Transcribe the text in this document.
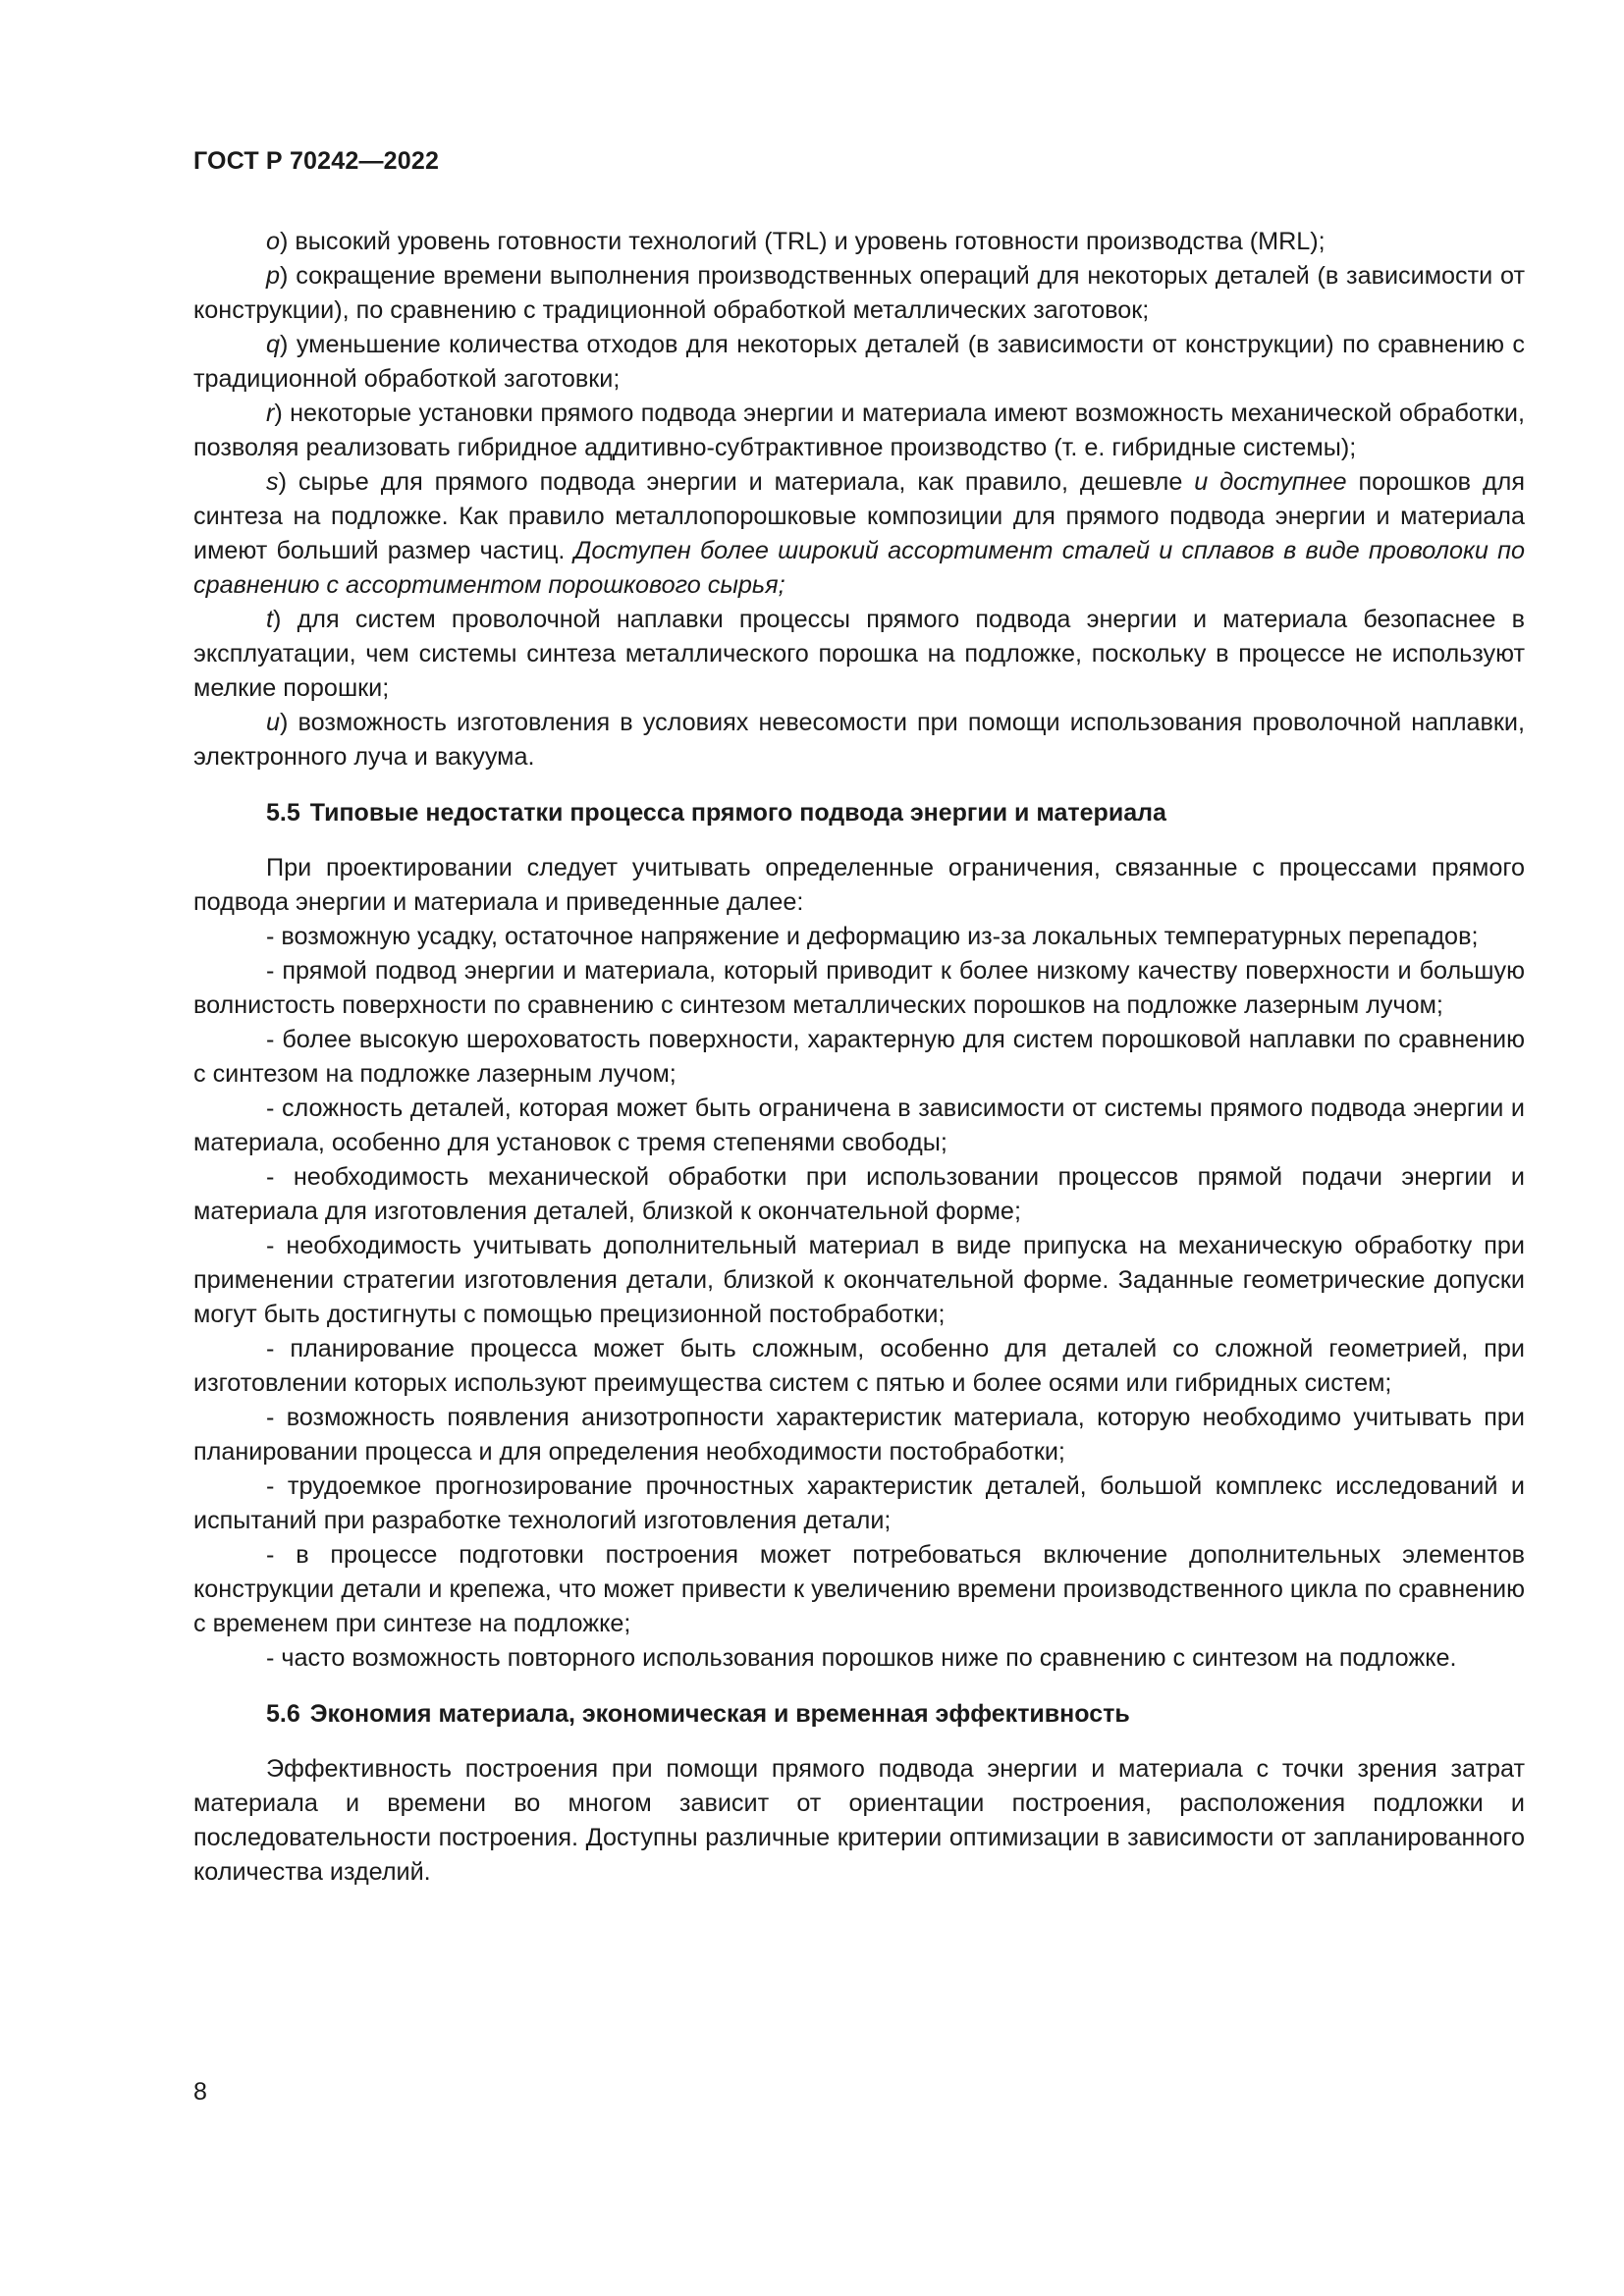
ГОСТ Р 70242—2022

o) высокий уровень готовности технологий (TRL) и уровень готовности производства (MRL);

p) сокращение времени выполнения производственных операций для некоторых деталей (в зависимости от конструкции), по сравнению с традиционной обработкой металлических заготовок;

q) уменьшение количества отходов для некоторых деталей (в зависимости от конструкции) по сравнению с традиционной обработкой заготовки;

r) некоторые установки прямого подвода энергии и материала имеют возможность механической обработки, позволяя реализовать гибридное аддитивно-субтрактивное производство (т. е. гибридные системы);

s) сырье для прямого подвода энергии и материала, как правило, дешевле и доступнее порошков для синтеза на подложке. Как правило металлопорошковые композиции для прямого подвода энергии и материала имеют больший размер частиц. Доступен более широкий ассортимент сталей и сплавов в виде проволоки по сравнению с ассортиментом порошкового сырья;

t) для систем проволочной наплавки процессы прямого подвода энергии и материала безопаснее в эксплуатации, чем системы синтеза металлического порошка на подложке, поскольку в процессе не используют мелкие порошки;

u) возможность изготовления в условиях невесомости при помощи использования проволочной наплавки, электронного луча и вакуума.

5.5 Типовые недостатки процесса прямого подвода энергии и материала

При проектировании следует учитывать определенные ограничения, связанные с процессами прямого подвода энергии и материала и приведенные далее:

- возможную усадку, остаточное напряжение и деформацию из-за локальных температурных перепадов;

- прямой подвод энергии и материала, который приводит к более низкому качеству поверхности и большую волнистость поверхности по сравнению с синтезом металлических порошков на подложке лазерным лучом;

- более высокую шероховатость поверхности, характерную для систем порошковой наплавки по сравнению с синтезом на подложке лазерным лучом;

- сложность деталей, которая может быть ограничена в зависимости от системы прямого подвода энергии и материала, особенно для установок с тремя степенями свободы;

- необходимость механической обработки при использовании процессов прямой подачи энергии и материала для изготовления деталей, близкой к окончательной форме;

- необходимость учитывать дополнительный материал в виде припуска на механическую обработку при применении стратегии изготовления детали, близкой к окончательной форме. Заданные геометрические допуски могут быть достигнуты с помощью прецизионной постобработки;

- планирование процесса может быть сложным, особенно для деталей со сложной геометрией, при изготовлении которых используют преимущества систем с пятью и более осями или гибридных систем;

- возможность появления анизотропности характеристик материала, которую необходимо учитывать при планировании процесса и для определения необходимости постобработки;

- трудоемкое прогнозирование прочностных характеристик деталей, большой комплекс исследований и испытаний при разработке технологий изготовления детали;

- в процессе подготовки построения может потребоваться включение дополнительных элементов конструкции детали и крепежа, что может привести к увеличению времени производственного цикла по сравнению с временем при синтезе на подложке;

- часто возможность повторного использования порошков ниже по сравнению с синтезом на подложке.

5.6 Экономия материала, экономическая и временная эффективность

Эффективность построения при помощи прямого подвода энергии и материала с точки зрения затрат материала и времени во многом зависит от ориентации построения, расположения подложки и последовательности построения. Доступны различные критерии оптимизации в зависимости от запланированного количества изделий.

8
